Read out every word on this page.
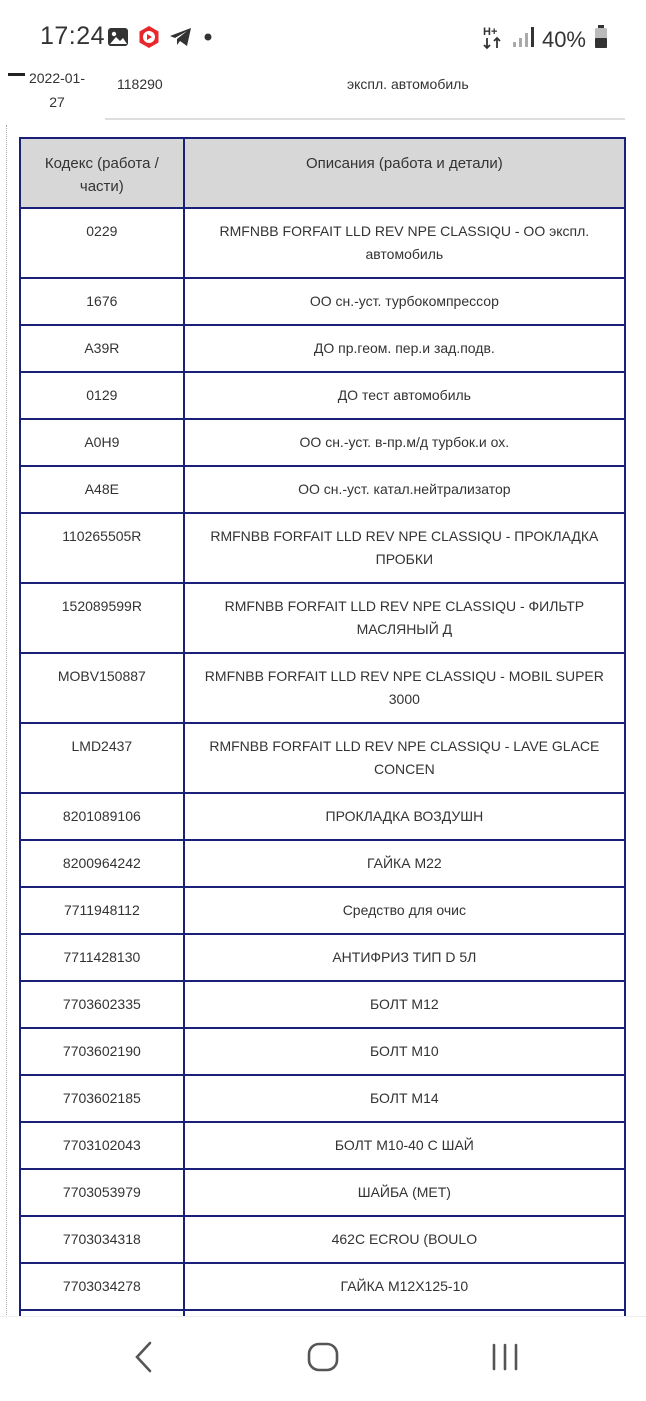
17:24	H+ 40%
2022-01-27
118290	экспл. автомобиль
Кодекс (работа / части)	Описания (работа и детали)
0229	RMFNBB FORFAIT LLD REV NPE CLASSIQU - OO экспл. автомобиль
1676	OO сн.-уст. турбокомпрессор
A39R	ДО пр.геом. пер.и зад.подв.
0129	ДО тест автомобиль
A0H9	OO сн.-уст. в-пр.м/д турбок.и ох.
A48E	OO сн.-уст. катал.нейтрализатор
110265505R	RMFNBB FORFAIT LLD REV NPE CLASSIQU - ПРОКЛАДКА ПРОБКИ
152089599R	RMFNBB FORFAIT LLD REV NPE CLASSIQU - ФИЛЬТР МАСЛЯНЫЙ Д
MOBV150887	RMFNBB FORFAIT LLD REV NPE CLASSIQU - MOBIL SUPER 3000
LMD2437	RMFNBB FORFAIT LLD REV NPE CLASSIQU - LAVE GLACE CONCEN
8201089106	ПРОКЛАДКА ВОЗДУШН
8200964242	ГАЙКА М22
7711948112	Средство для очис
7711428130	АНТИФРИЗ ТИП D 5Л
7703602335	БОЛТ М12
7703602190	БОЛТ М10
7703602185	БОЛТ М14
7703102043	БОЛТ М10-40 С ШАЙ
7703053979	ШАЙБА (МЕТ)
7703034318	462C ECROU (BOULO
7703034278	ГАЙКА М12Х125-10
